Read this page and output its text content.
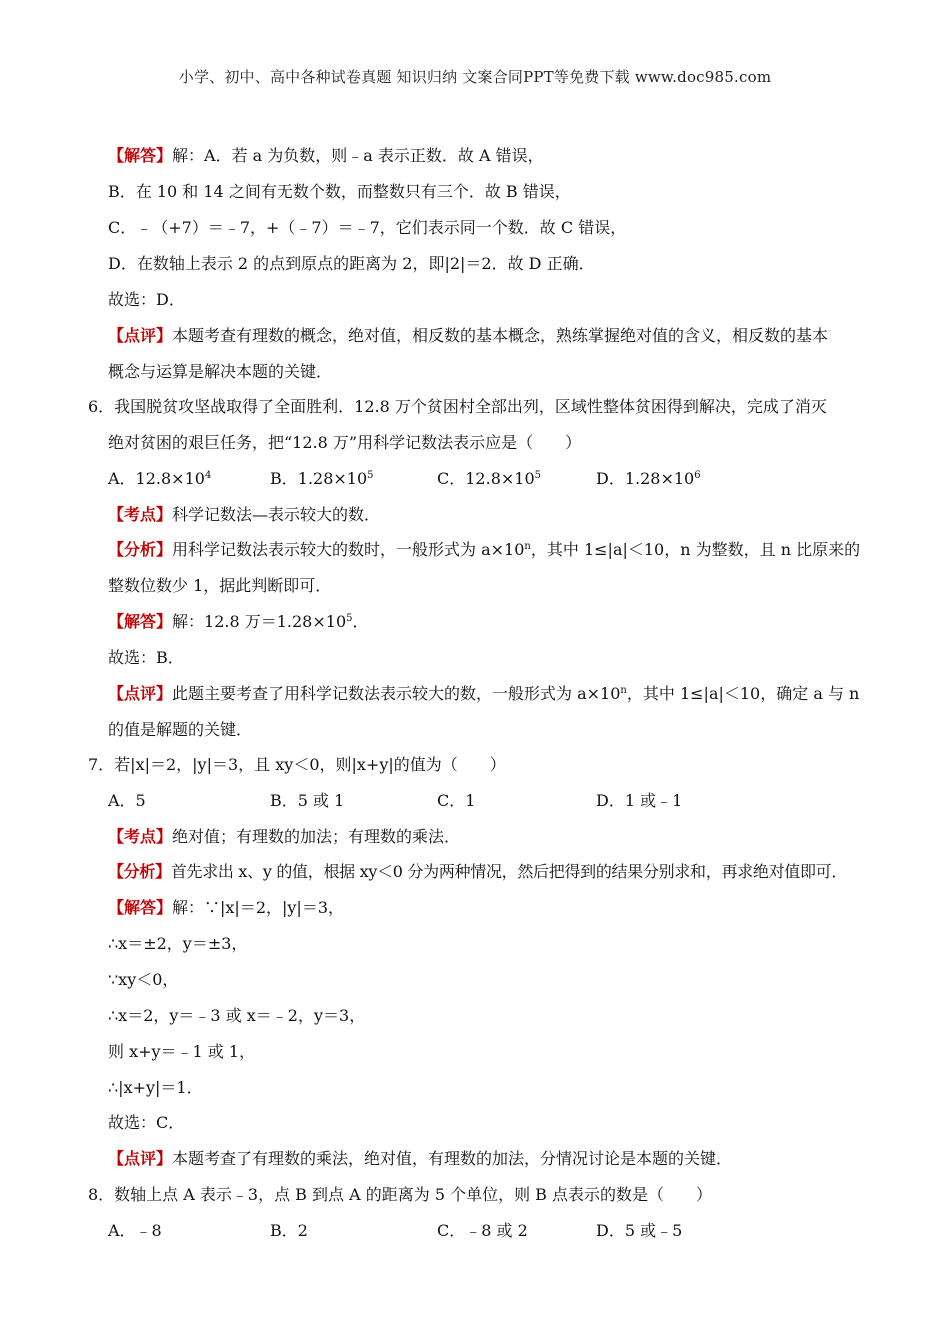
小学、初中、高中各种试卷真题 知识归纳 文案合同PPT等免费下载 www.doc985.com
【解答】解：A．若 a 为负数，则﹣a 表示正数．故 A 错误，
B．在 10 和 14 之间有无数个数，而整数只有三个．故 B 错误，
C．﹣（+7）＝﹣7，+（﹣7）＝﹣7，它们表示同一个数．故 C 错误，
D．在数轴上表示 2 的点到原点的距离为 2，即|2|＝2．故 D 正确．
故选：D．
【点评】本题考查有理数的概念，绝对值，相反数的基本概念，熟练掌握绝对值的含义，相反数的基本
概念与运算是解决本题的关键．
6．我国脱贫攻坚战取得了全面胜利．12.8 万个贫困村全部出列，区域性整体贫困得到解决，完成了消灭
绝对贫困的艰巨任务，把“12.8 万”用科学记数法表示应是（　　）
A．$12.8\times 10^4$	B．$1.28\times 10^5$	C．$12.8\times 10^5$	D．$1.28\times 10^6$
【考点】科学记数法—表示较大的数．
【分析】用科学记数法表示较大的数时，一般形式为 $a\times 10^n$，其中 1≤|a|＜10，n 为整数，且 n 比原来的
整数位数少 1，据此判断即可．
【解答】解：12.8 万$=1.28\times 10^5$．
故选：B．
【点评】此题主要考查了用科学记数法表示较大的数，一般形式为 $a\times 10^n$，其中 1≤|a|＜10，确定 a 与 n
的值是解题的关键．
7．若|x|＝2，|y|＝3，且 xy＜0，则|x+y|的值为（　　）
A．5	B．5 或 1	C．1	D．1 或﹣1
【考点】绝对值；有理数的加法；有理数的乘法．
【分析】首先求出 x、y 的值，根据 xy＜0 分为两种情况，然后把得到的结果分别求和，再求绝对值即可．
【解答】解：∵|x|＝2，|y|＝3，
∴x＝±2，y＝±3，
∵xy＜0，
∴x＝2，y＝﹣3 或 x＝﹣2，y＝3，
则 x+y＝﹣1 或 1，
∴|x+y|＝1．
故选：C．
【点评】本题考查了有理数的乘法，绝对值，有理数的加法，分情况讨论是本题的关键．
8．数轴上点 A 表示﹣3，点 B 到点 A 的距离为 5 个单位，则 B 点表示的数是（　　）
A．﹣8	B．2	C．﹣8 或 2	D．5 或﹣5
